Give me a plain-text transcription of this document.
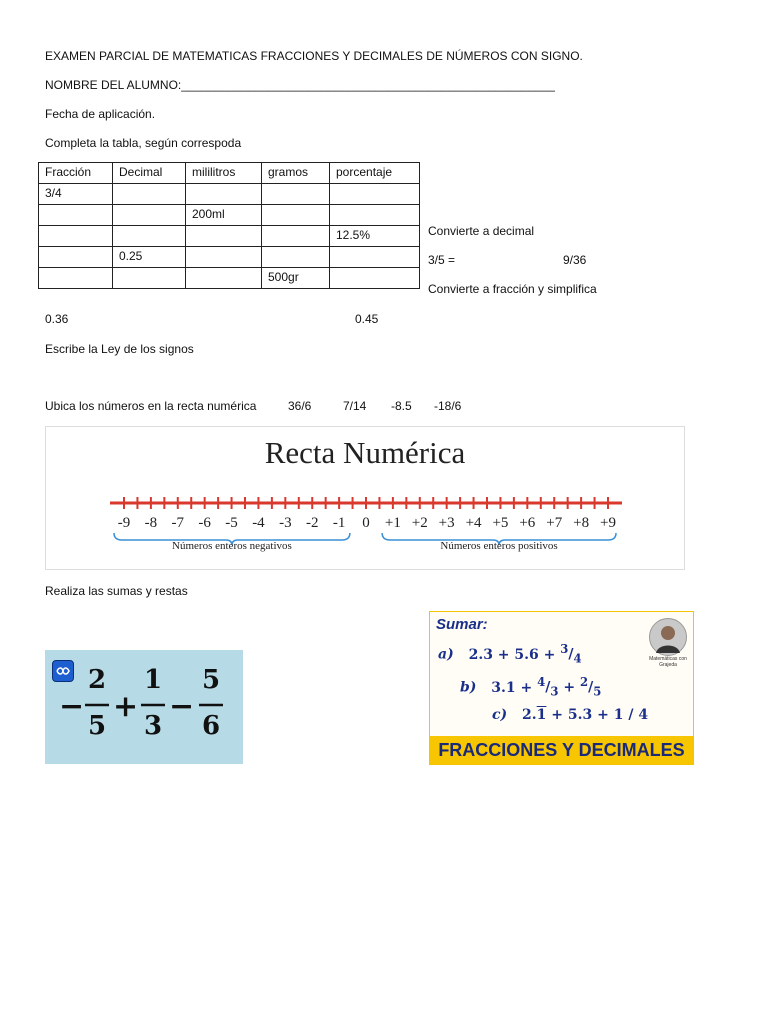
EXAMEN PARCIAL DE MATEMATICAS FRACCIONES Y DECIMALES DE NÚMEROS CON SIGNO.
NOMBRE DEL ALUMNO:________________________________________________________
Fecha de aplicación.
Completa la tabla, según correspoda
Fracción	Decimal	mililitros	gramos	porcentaje
3/4				
		200ml		
				12.5%
	0.25			
			500gr	
Convierte a decimal
3/5 =	9/36
Convierte a fracción y simplifica
0.36	0.45
Escribe la Ley de los signos
Ubica los números en la recta numérica	36/6	7/14 -8.5 -18/6
Recta Numérica
-9 -8 -7 -6 -5 -4 -3 -2 -1 0 +1 +2 +3 +4 +5 +6 +7 +8 +9
Números enteros negativos	Números enteros positivos
Realiza las sumas y restas
−
2
5
+
1
3
−
5
6
Sumar:
Matemáticas con Grajeda
a) $2.3 + 5.6 + ^3/_4$
b) $3.1 + ^4/_3 + ^2/_5$
c) 2.1 + 5.3 + 1 / 4
FRACCIONES Y DECIMALES
